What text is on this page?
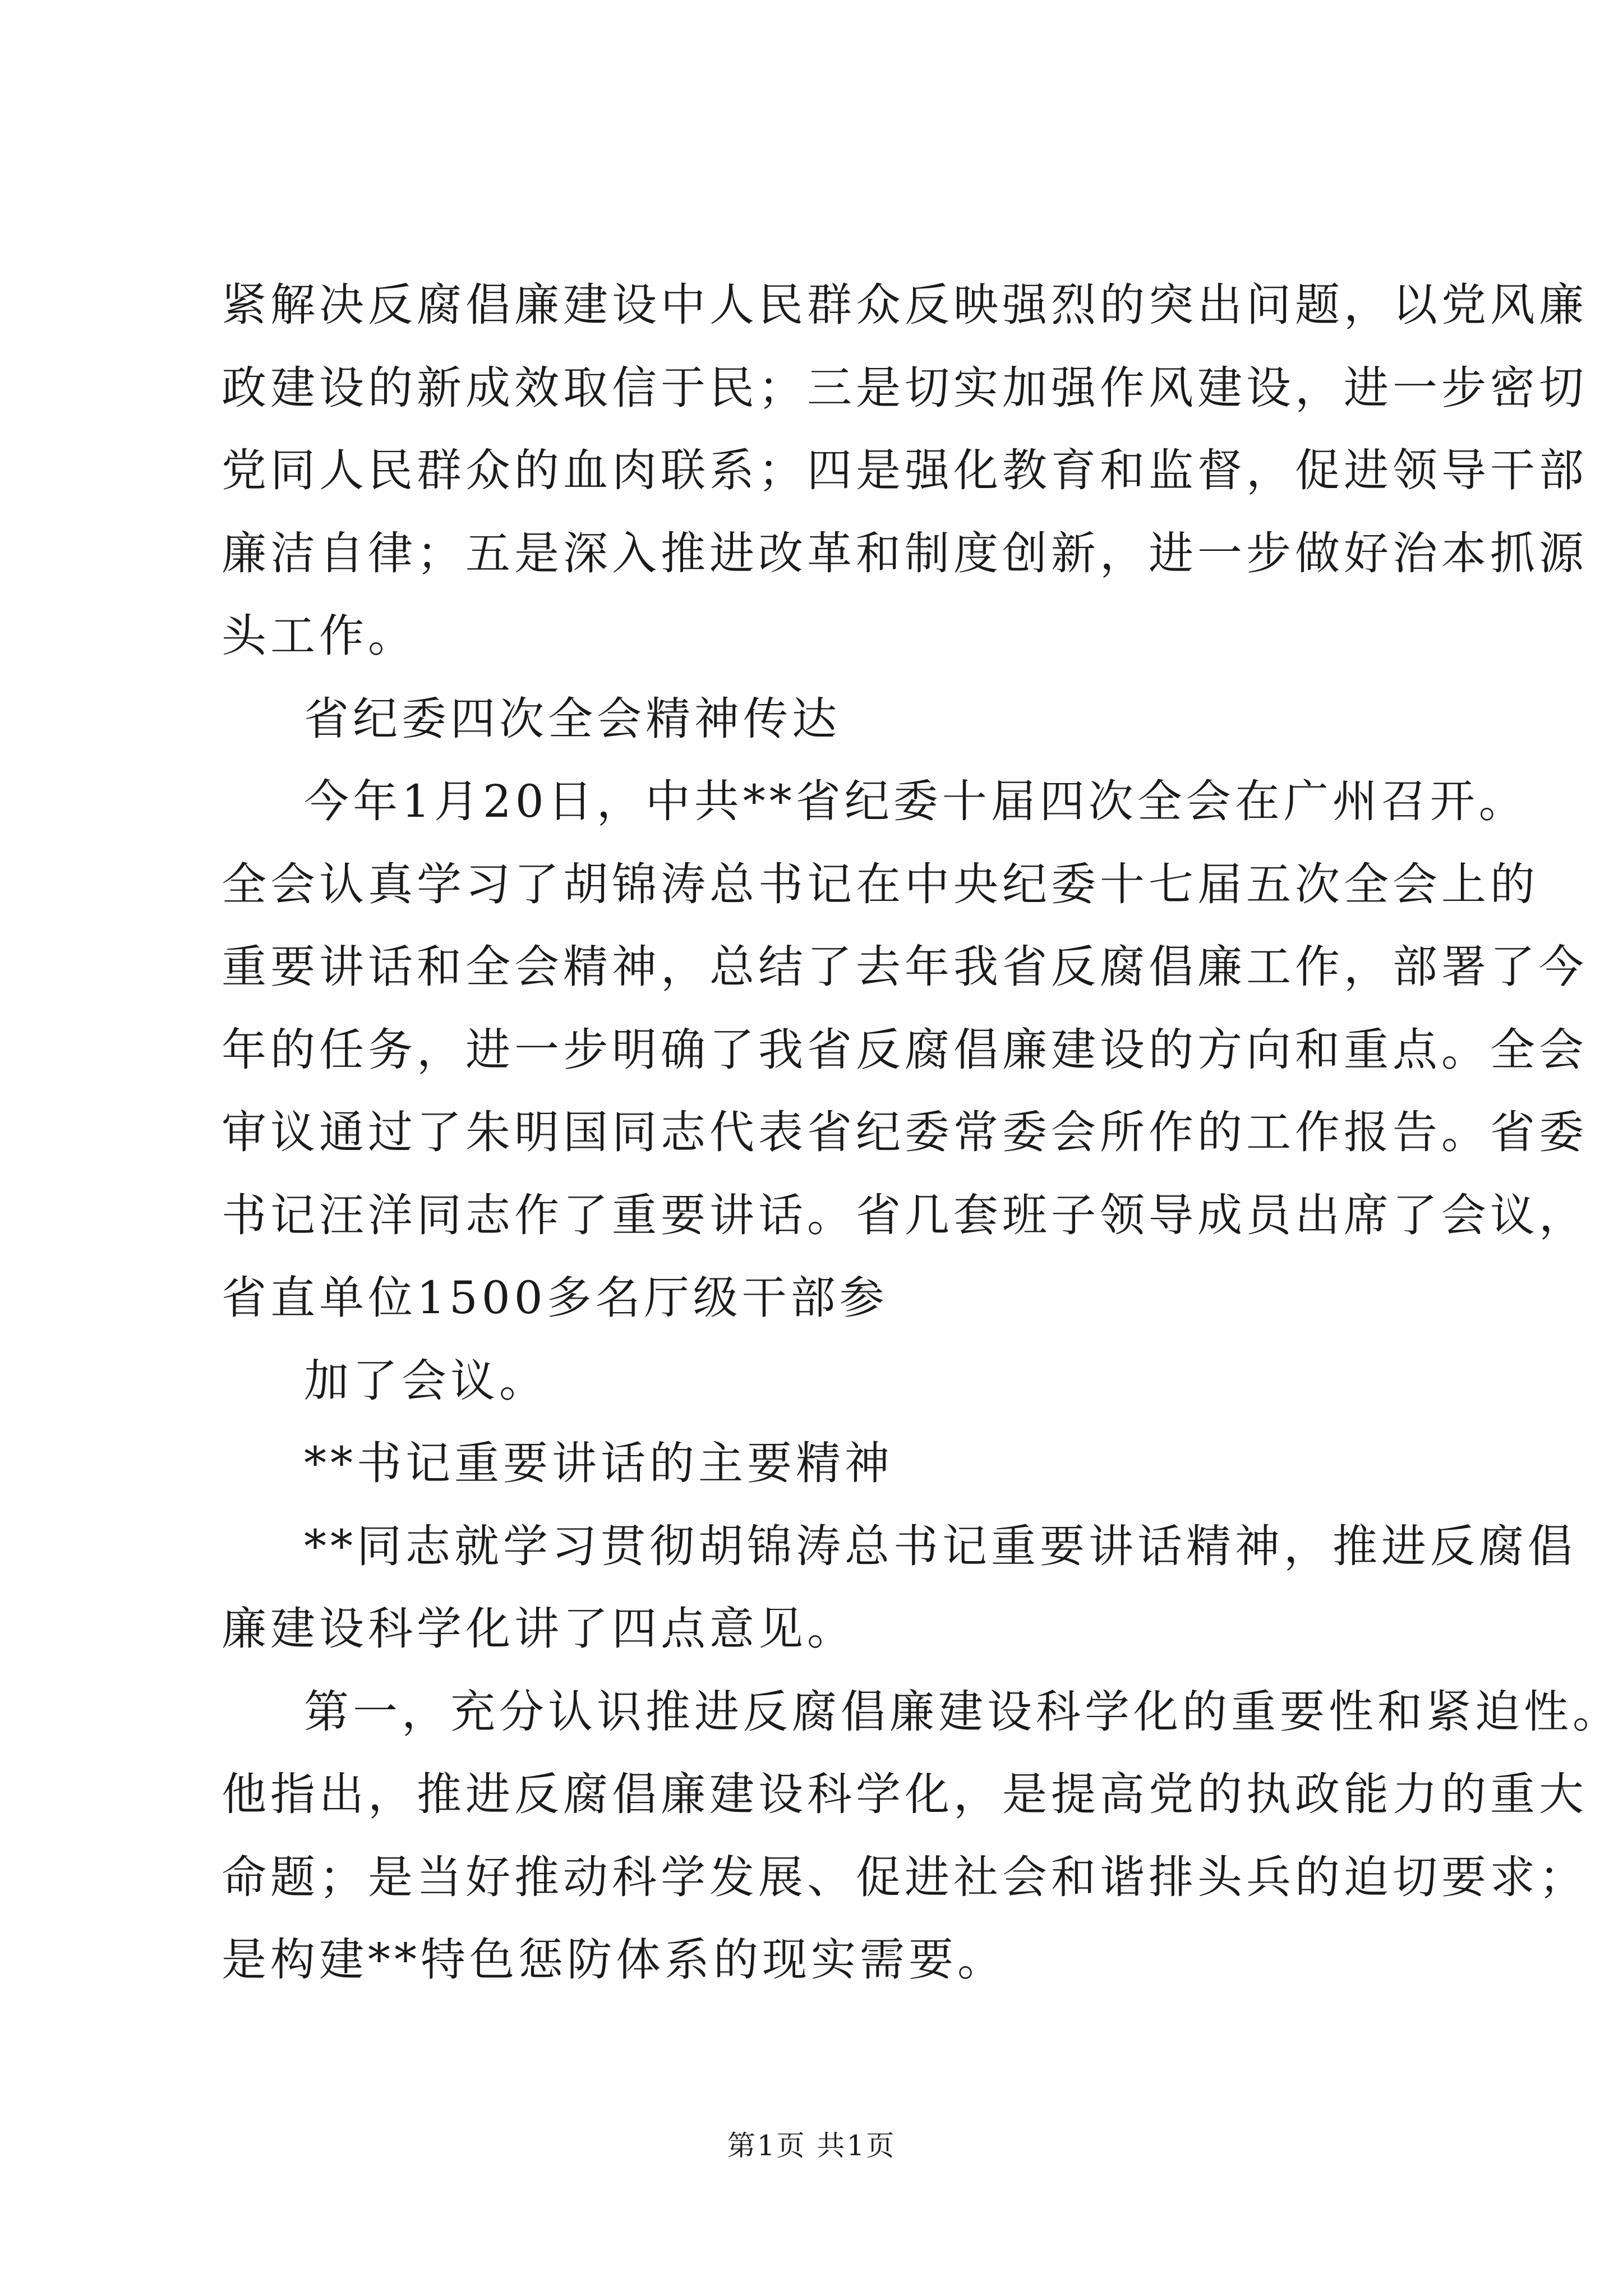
紧解决反腐倡廉建设中人民群众反映强烈的突出问题，以党风廉
政建设的新成效取信于民；三是切实加强作风建设，进一步密切
党同人民群众的血肉联系；四是强化教育和监督，促进领导干部
廉洁自律；五是深入推进改革和制度创新，进一步做好治本抓源
头工作。
省纪委四次全会精神传达
今年1月20日，中共**省纪委十届四次全会在广州召开。
全会认真学习了胡锦涛总书记在中央纪委十七届五次全会上的
重要讲话和全会精神，总结了去年我省反腐倡廉工作，部署了今
年的任务，进一步明确了我省反腐倡廉建设的方向和重点。全会
审议通过了朱明国同志代表省纪委常委会所作的工作报告。省委
书记汪洋同志作了重要讲话。省几套班子领导成员出席了会议，
省直单位1500多名厅级干部参
加了会议。
**书记重要讲话的主要精神
**同志就学习贯彻胡锦涛总书记重要讲话精神，推进反腐倡
廉建设科学化讲了四点意见。
第一，充分认识推进反腐倡廉建设科学化的重要性和紧迫性。
他指出，推进反腐倡廉建设科学化，是提高党的执政能力的重大
命题；是当好推动科学发展、促进社会和谐排头兵的迫切要求；
是构建**特色惩防体系的现实需要。
第1页 共1页
